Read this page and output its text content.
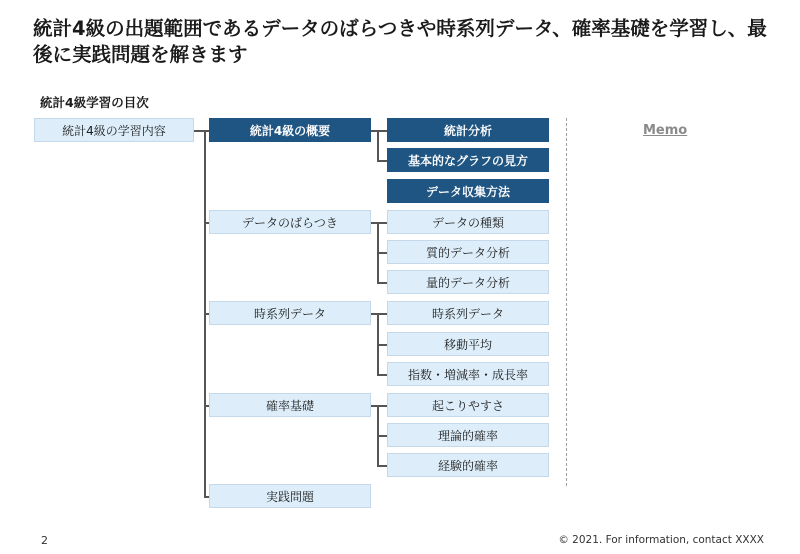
統計4級の出題範囲であるデータのばらつきや時系列データ、確率基礎を学習し、最後に実践問題を解きます
統計4級学習の目次
統計4級の学習内容	統計4級の概要	統計分析
基本的なグラフの見方
データ収集方法
データのばらつき	データの種類
質的データ分析
量的データ分析
時系列データ	時系列データ
移動平均
指数・増減率・成長率
確率基礎	起こりやすさ
理論的確率
経験的確率
実践問題
Memo
2	© 2021. For information, contact XXXX
